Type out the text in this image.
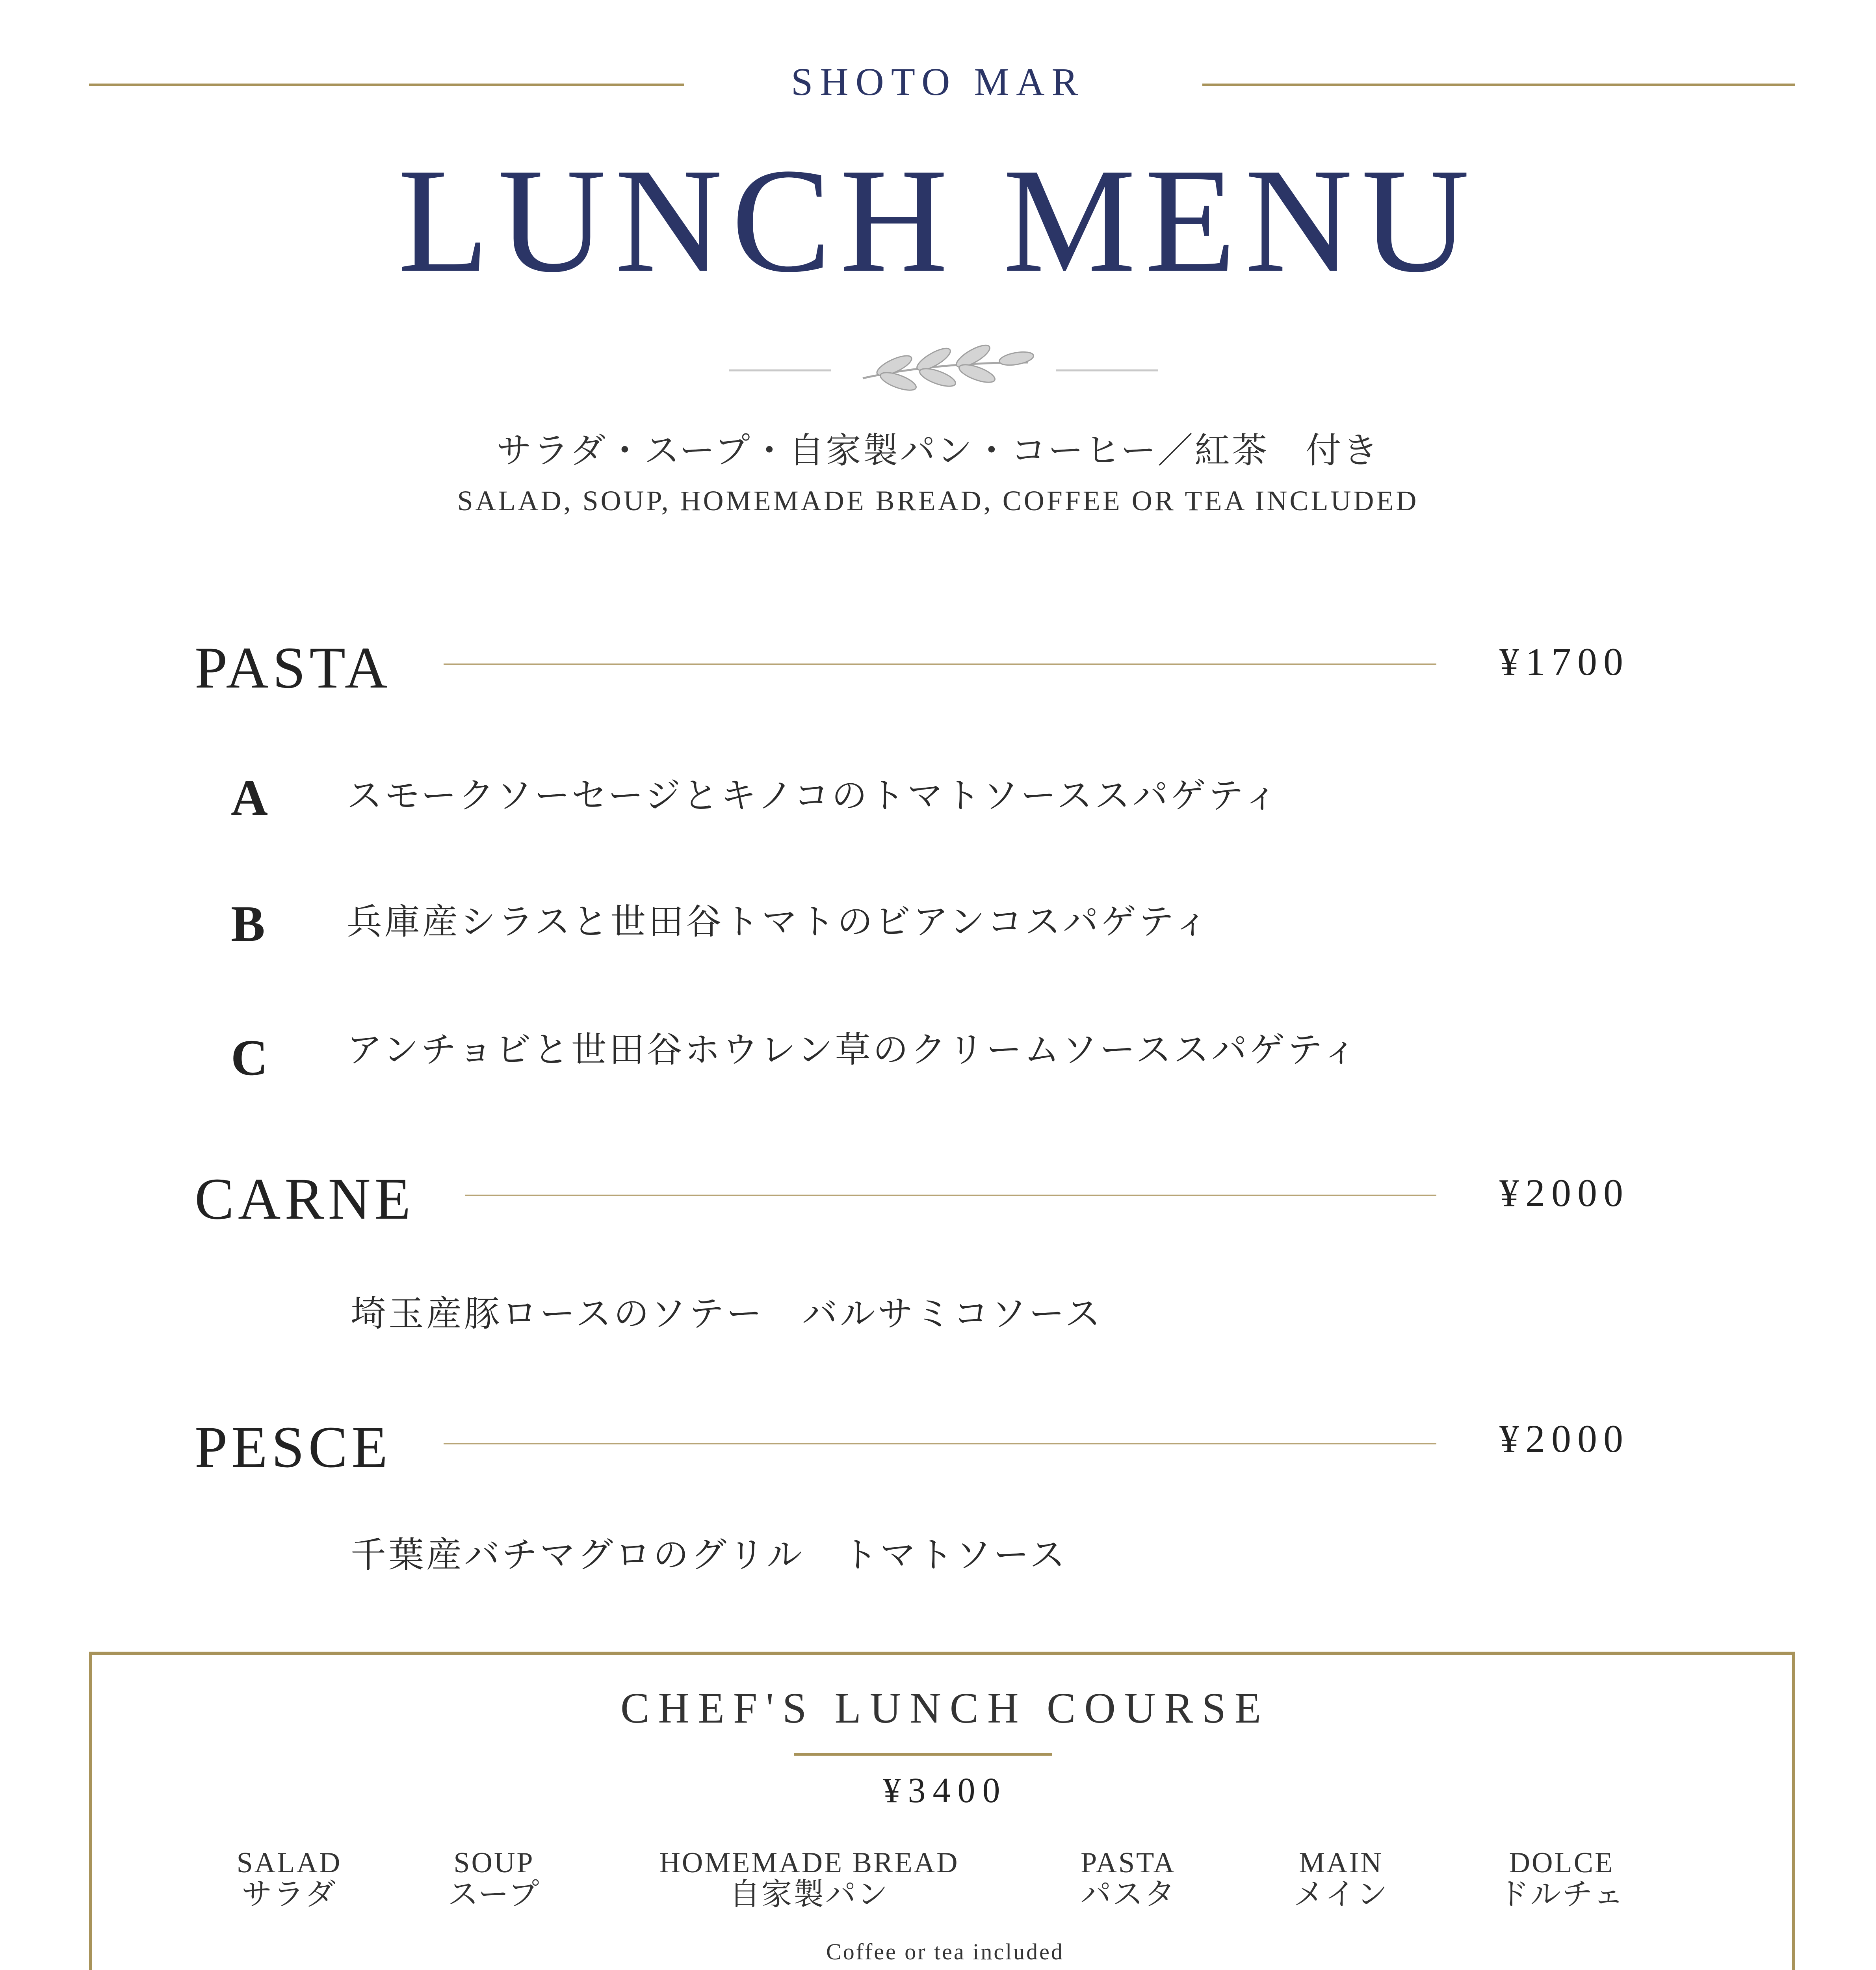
SHOTO MAR
LUNCH MENU
サラダ・スープ・自家製パン・コーヒー／紅茶　付き
SALAD, SOUP, HOMEMADE BREAD, COFFEE OR TEA INCLUDED
PASTA	¥1700
A スモークソーセージとキノコのトマトソーススパゲティ
B 兵庫産シラスと世田谷トマトのビアンコスパゲティ
C アンチョビと世田谷ホウレン草のクリームソーススパゲティ
CARNE	¥2000
埼玉産豚ロースのソテー　バルサミコソース
PESCE	¥2000
千葉産バチマグロのグリル　トマトソース
CHEF'S LUNCH COURSE
¥3400
SALAD
サラダ
SOUP
スープ
HOMEMADE BREAD
自家製パン
PASTA
パスタ
MAIN
メイン
DOLCE
ドルチェ
Coffee or tea included
